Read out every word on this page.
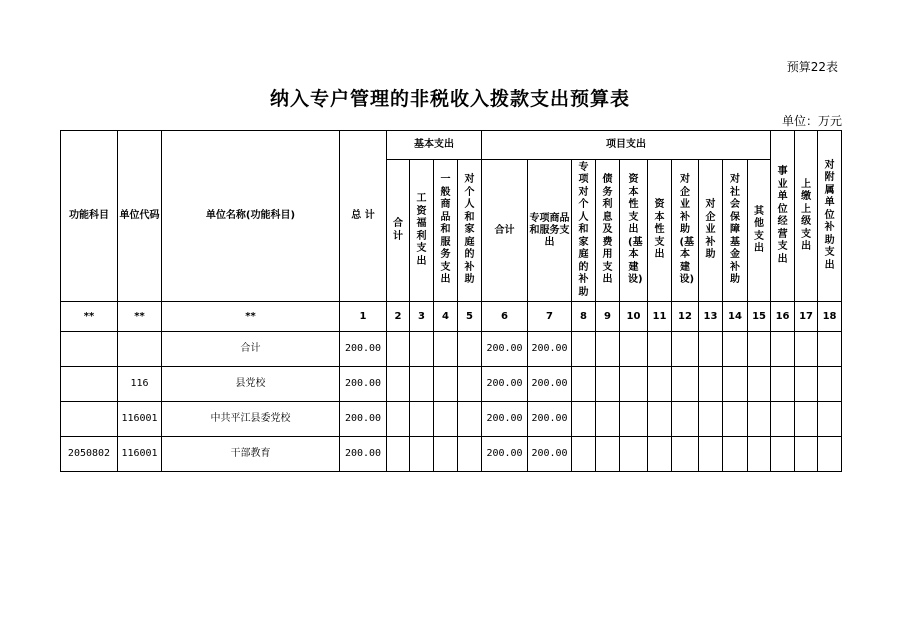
预算22表
纳入专户管理的非税收入拨款支出预算表
单位：万元
功能科目	单位代码	单位名称(功能科目)	总 计	基本支出				项目支出										事业单位经营支出	上缴上级支出	对附属单位补助支出
				合计	工资福利支出	一般商品和服务支出	对个人和家庭的补助	合计	专项商品和服务支出	专项对个人和家庭的补助	债务利息及费用支出	资本性支出(基本建设)	资本性支出	对企业补助(基本建设)	对企业补助	对社会保障基金补助	其他支出			
**	**	**	1	2	3	4	5	6	7	8	9	10	11	12	13	14	15	16	17	18
		合计	200.00					200.00	200.00											
	116	县党校	200.00					200.00	200.00											
	116001	中共平江县委党校	200.00					200.00	200.00											
2050802	116001	干部教育	200.00					200.00	200.00											
